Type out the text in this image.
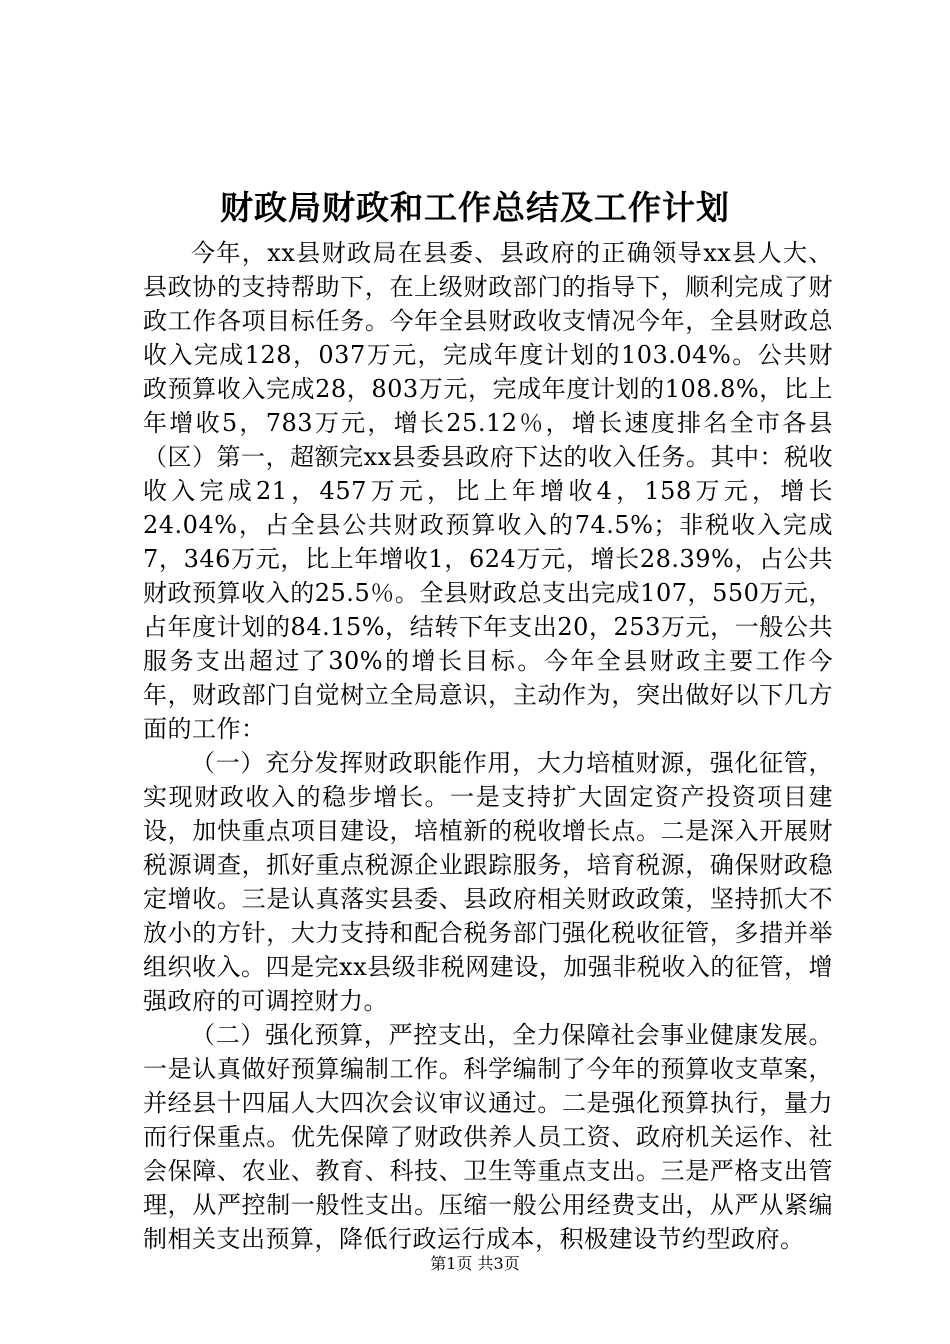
财政局财政和工作总结及工作计划

今年，xx县财政局在县委、县政府的正确领导xx县人大、县政协的支持帮助下，在上级财政部门的指导下，顺利完成了财政工作各项目标任务。今年全县财政收支情况今年，全县财政总收入完成128，037万元，完成年度计划的103.04%。公共财政预算收入完成28，803万元，完成年度计划的108.8%，比上年增收5，783万元，增长25.12％，增长速度排名全市各县（区）第一，超额完xx县委县政府下达的收入任务。其中：税收收入完成21，457万元，比上年增收4，158万元，增长24.04%，占全县公共财政预算收入的74.5%；非税收入完成7，346万元，比上年增收1，624万元，增长28.39%，占公共财政预算收入的25.5％。全县财政总支出完成107，550万元，占年度计划的84.15%，结转下年支出20，253万元，一般公共服务支出超过了30%的增长目标。今年全县财政主要工作今年，财政部门自觉树立全局意识，主动作为，突出做好以下几方面的工作：

（一）充分发挥财政职能作用，大力培植财源，强化征管，实现财政收入的稳步增长。一是支持扩大固定资产投资项目建设，加快重点项目建设，培植新的税收增长点。二是深入开展财税源调查，抓好重点税源企业跟踪服务，培育税源，确保财政稳定增收。三是认真落实县委、县政府相关财政政策，坚持抓大不放小的方针，大力支持和配合税务部门强化税收征管，多措并举组织收入。四是完xx县级非税网建设，加强非税收入的征管，增强政府的可调控财力。

（二）强化预算，严控支出，全力保障社会事业健康发展。一是认真做好预算编制工作。科学编制了今年的预算收支草案，并经县十四届人大四次会议审议通过。二是强化预算执行，量力而行保重点。优先保障了财政供养人员工资、政府机关运作、社会保障、农业、教育、科技、卫生等重点支出。三是严格支出管理，从严控制一般性支出。压缩一般公用经费支出，从严从紧编制相关支出预算，降低行政运行成本，积极建设节约型政府。

第1页 共3页
